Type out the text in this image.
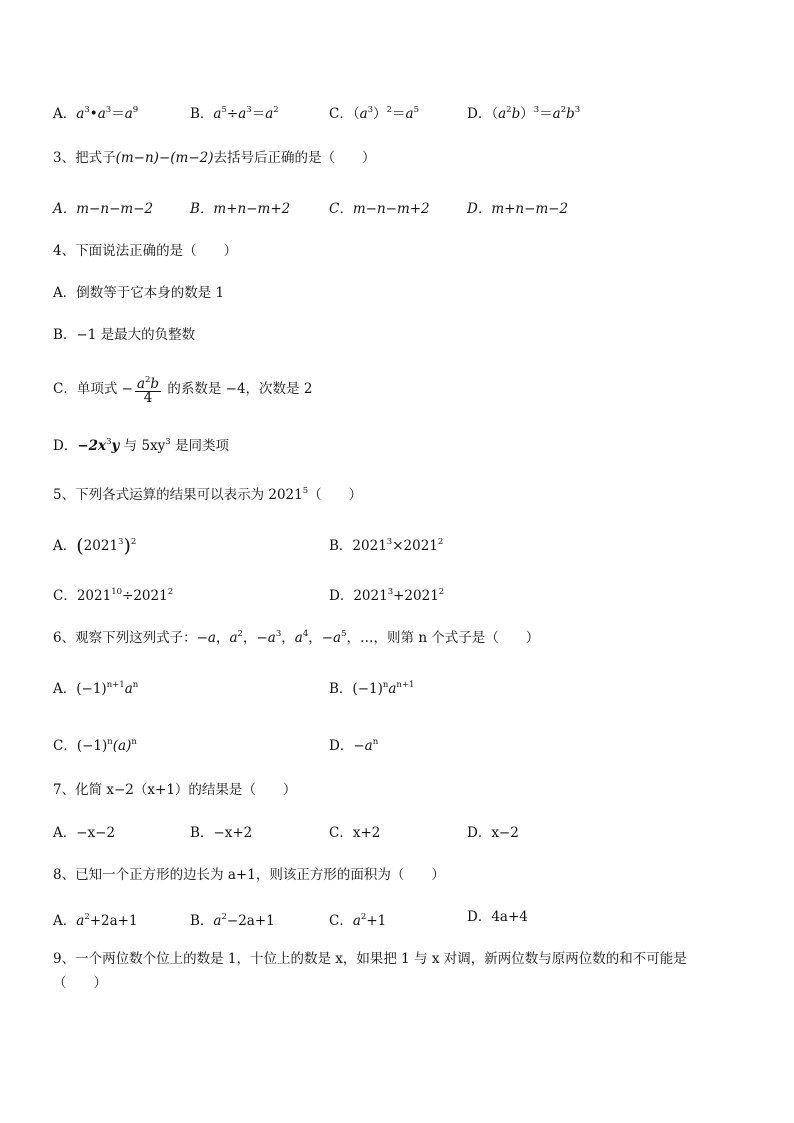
A．$a^3•a^3=a^9$	B．$a^5\div a^3=a^2$	C．$(a^3)^2=a^5$	D．$(a^2b)^3=a^2b^3$
3、把式子(m−n)−(m−2)去括号后正确的是（　　）
A．m−n−m−2	B．m+n−m+2	C．m−n−m+2	D．m+n−m−2
4、下面说法正确的是（　　）
A．倒数等于它本身的数是 1
B．−1 是最大的负整数
C．单项式 − $\frac{a^2b}{4}$ 的系数是 −4，次数是 2
D．$-2x^3y$ 与 $5xy^3$ 是同类项
5、下列各式运算的结果可以表示为 2021$^5$（　　）
A．$(2021^3)^2$	B．$2021^3\times 2021^2$
C．$2021^{10}\div 2021^2$	D．$2021^3+2021^2$
6、观察下列这列式子：−a，$a^2$，$-a^3$，$a^4$，$-a^5$，…，则第 n 个式子是（　　）
A．$(-1)^{n+1}a^n$	B．$(-1)^na^{n+1}$
C．$(-1)^n(a)^n$	D．$-a^n$
7、化简 x−2（x+1）的结果是（　　）
A．−x−2	B．−x+2	C．x+2	D．x−2
8、已知一个正方形的边长为 a+1，则该正方形的面积为（　　）
A．$a^2+2a+1$	B．$a^2-2a+1$	C．$a^2+1$	D．4a+4
9、一个两位数个位上的数是 1，十位上的数是 x，如果把 1 与 x 对调，新两位数与原两位数的和不可能是（　　）
